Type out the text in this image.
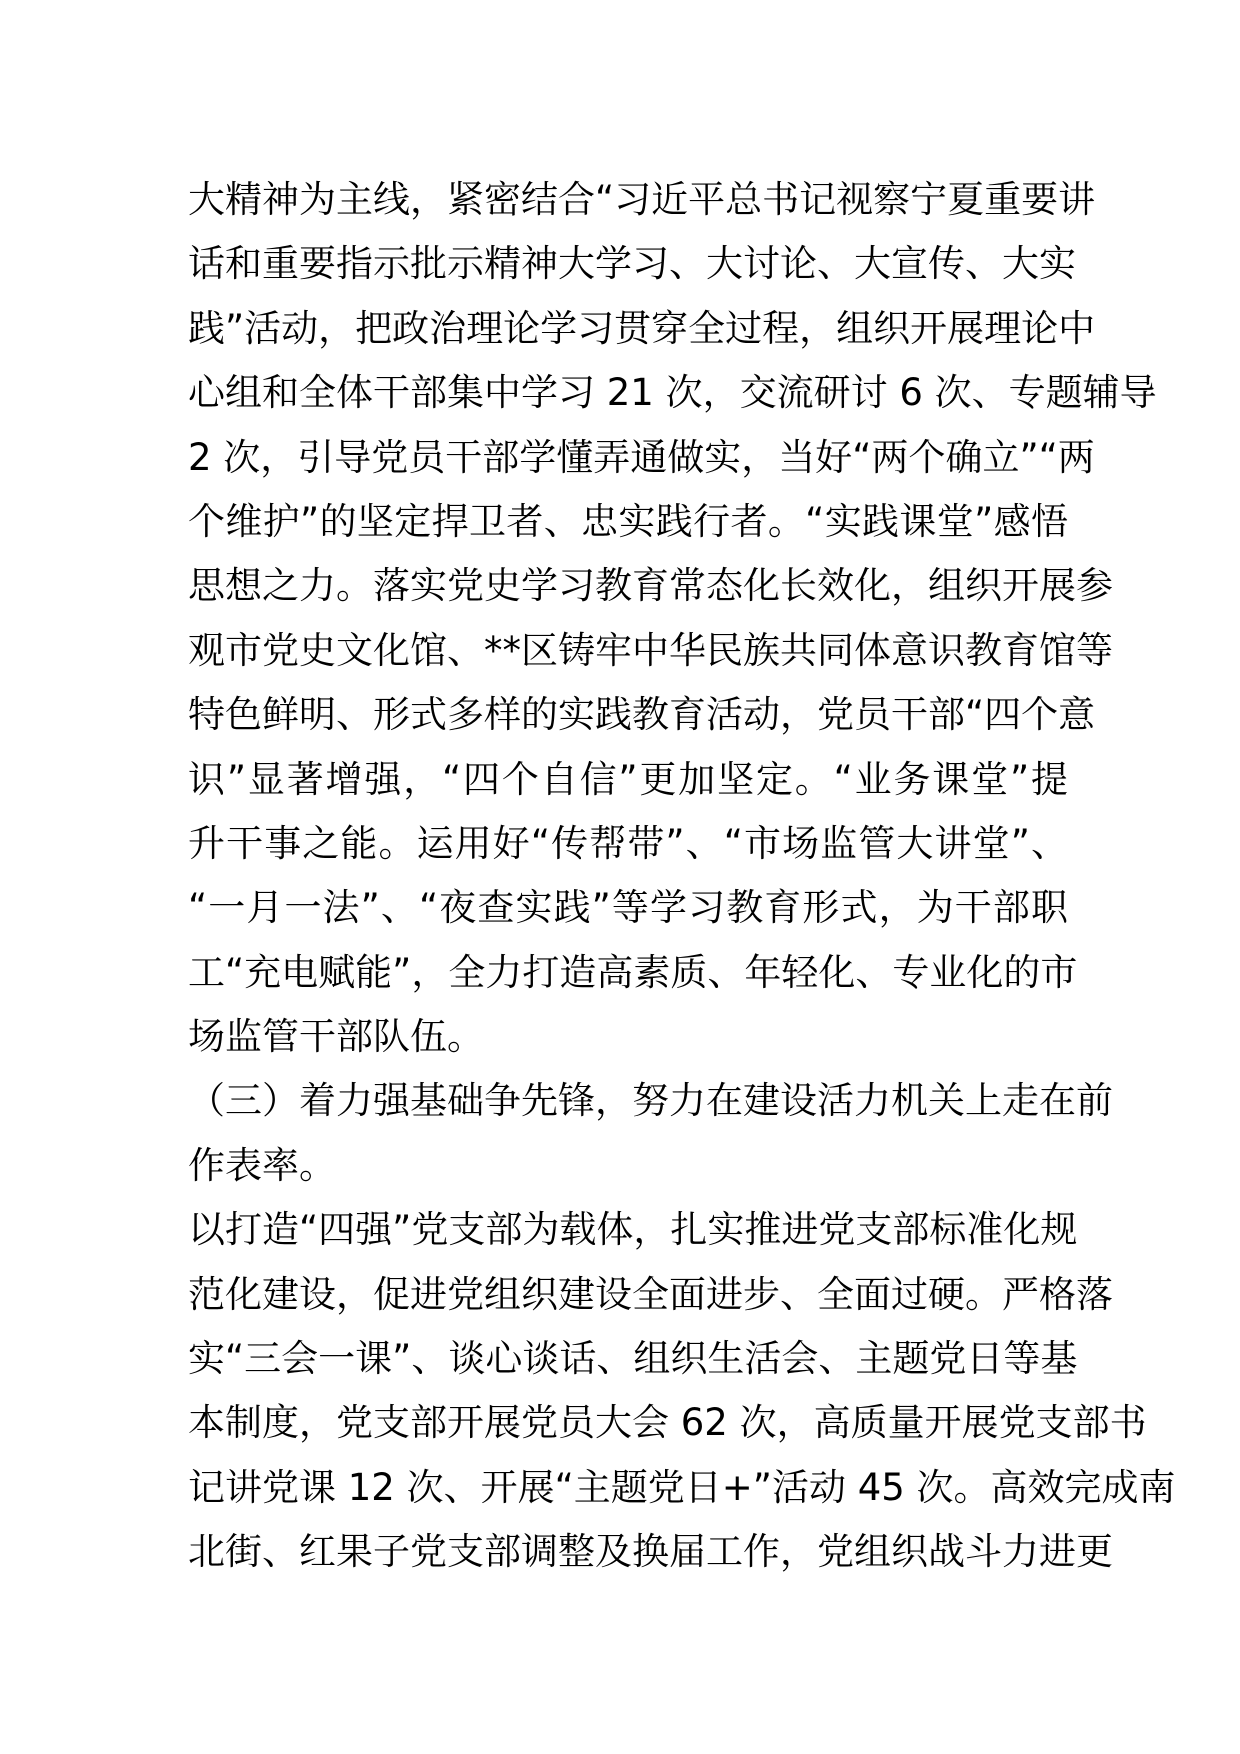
大精神为主线，紧密结合“习近平总书记视察宁夏重要讲
话和重要指示批示精神大学习、大讨论、大宣传、大实
践”活动，把政治理论学习贯穿全过程，组织开展理论中
心组和全体干部集中学习 21 次，交流研讨 6 次、专题辅导
2 次，引导党员干部学懂弄通做实，当好“两个确立”“两
个维护”的坚定捍卫者、忠实践行者。“实践课堂”感悟
思想之力。落实党史学习教育常态化长效化，组织开展参
观市党史文化馆、**区铸牢中华民族共同体意识教育馆等
特色鲜明、形式多样的实践教育活动，党员干部“四个意
识”显著增强，“四个自信”更加坚定。“业务课堂”提
升干事之能。运用好“传帮带”、“市场监管大讲堂”、
“一月一法”、“夜查实践”等学习教育形式，为干部职
工“充电赋能”，全力打造高素质、年轻化、专业化的市
场监管干部队伍。
（三）着力强基础争先锋，努力在建设活力机关上走在前
作表率。
以打造“四强”党支部为载体，扎实推进党支部标准化规
范化建设，促进党组织建设全面进步、全面过硬。严格落
实“三会一课”、谈心谈话、组织生活会、主题党日等基
本制度，党支部开展党员大会 62 次，高质量开展党支部书
记讲党课 12 次、开展“主题党日+”活动 45 次。高效完成南
北街、红果子党支部调整及换届工作，党组织战斗力进更
